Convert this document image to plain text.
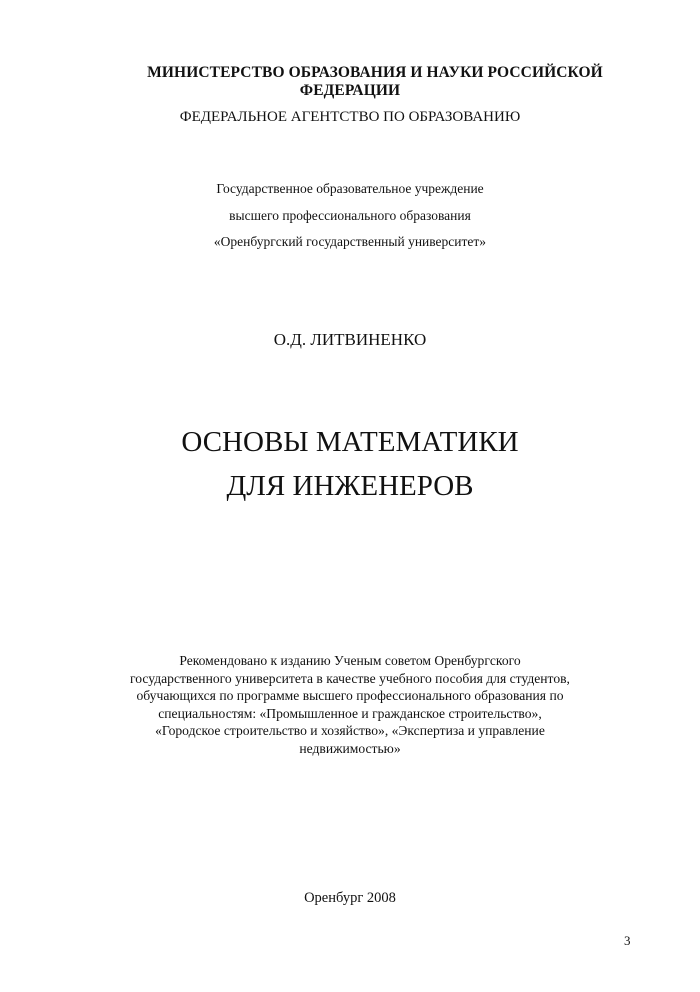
МИНИСТЕРСТВО ОБРАЗОВАНИЯ И НАУКИ РОССИЙСКОЙ
ФЕДЕРАЦИИ
ФЕДЕРАЛЬНОЕ АГЕНТСТВО ПО ОБРАЗОВАНИЮ
Государственное образовательное учреждение
высшего профессионального образования
«Оренбургский государственный университет»
О.Д. ЛИТВИНЕНКО
ОСНОВЫ МАТЕМАТИКИ
ДЛЯ ИНЖЕНЕРОВ
Рекомендовано к изданию Ученым советом Оренбургского
государственного университета в качестве учебного пособия для студентов,
обучающихся по программе высшего профессионального образования по
специальностям: «Промышленное и гражданское строительство»,
«Городское строительство и хозяйство», «Экспертиза и управление
недвижимостью»
Оренбург 2008
3
